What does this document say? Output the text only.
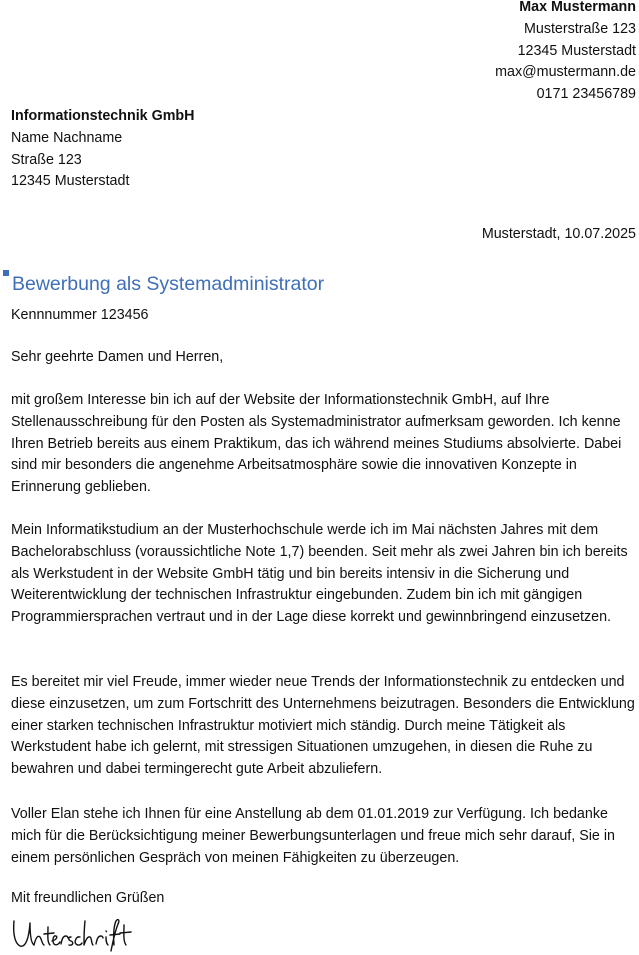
Max Mustermann
Musterstraße 123
12345 Musterstadt
max@mustermann.de
0171 23456789
Informationstechnik GmbH
Name Nachname
Straße 123
12345 Musterstadt
Musterstadt, 10.07.2025
Bewerbung als Systemadministrator
Kennnummer 123456
Sehr geehrte Damen und Herren,

mit großem Interesse bin ich auf der Website der Informationstechnik GmbH, auf Ihre Stellenausschreibung für den Posten als Systemadministrator aufmerksam geworden. Ich kenne Ihren Betrieb bereits aus einem Praktikum, das ich während meines Studiums absolvierte. Dabei sind mir besonders die angenehme Arbeitsatmosphäre sowie die innovativen Konzepte in Erinnerung geblieben.

Mein Informatikstudium an der Musterhochschule werde ich im Mai nächsten Jahres mit dem Bachelorabschluss (voraussichtliche Note 1,7) beenden. Seit mehr als zwei Jahren bin ich bereits als Werkstudent in der Website GmbH tätig und bin bereits intensiv in die Sicherung und Weiterentwicklung der technischen Infrastruktur eingebunden. Zudem bin ich mit gängigen Programmiersprachen vertraut und in der Lage diese korrekt und gewinnbringend einzusetzen.

Es bereitet mir viel Freude, immer wieder neue Trends der Informationstechnik zu entdecken und diese einzusetzen, um zum Fortschritt des Unternehmens beizutragen. Besonders die Entwicklung einer starken technischen Infrastruktur motiviert mich ständig. Durch meine Tätigkeit als Werkstudent habe ich gelernt, mit stressigen Situationen umzugehen, in diesen die Ruhe zu bewahren und dabei termingerecht gute Arbeit abzuliefern.

Voller Elan stehe ich Ihnen für eine Anstellung ab dem 01.01.2019 zur Verfügung. Ich bedanke mich für die Berücksichtigung meiner Bewerbungsunterlagen und freue mich sehr darauf, Sie in einem persönlichen Gespräch von meinen Fähigkeiten zu überzeugen.

Mit freundlichen Grüßen
